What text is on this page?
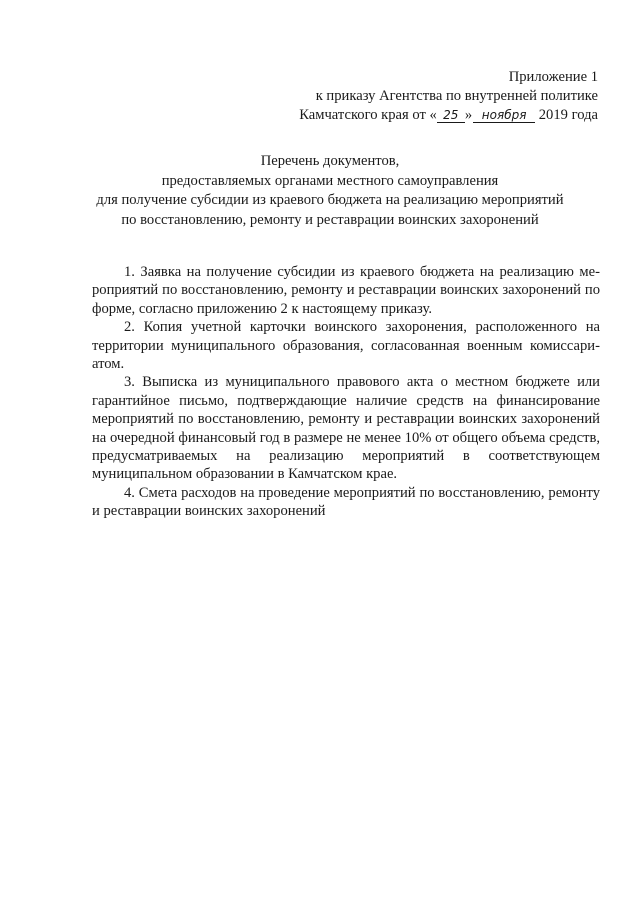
Приложение 1
к приказу Агентства по внутренней политике
Камчатского края от « 25 » ноября 2019 года
Перечень документов,
предоставляемых органами местного самоуправления
для получение субсидии из краевого бюджета на реализацию мероприятий
по восстановлению, ремонту и реставрации воинских захоронений

1. Заявка на получение субсидии из краевого бюджета на реализацию мероприятий по восстановлению, ремонту и реставрации воинских захоронений по форме, согласно приложению 2 к настоящему приказу.

2. Копия учетной карточки воинского захоронения, расположенного на территории муниципального образования, согласованная военным комиссариатом.

3. Выписка из муниципального правового акта о местном бюджете или гарантийное письмо, подтверждающие наличие средств на финансирование мероприятий по восстановлению, ремонту и реставрации воинских захоронений на очередной финансовый год в размере не менее 10% от общего объема средств, предусматриваемых на реализацию мероприятий в соответствующем муниципальном образовании в Камчатском крае.

4. Смета расходов на проведение мероприятий по восстановлению, ремонту и реставрации воинских захоронений
